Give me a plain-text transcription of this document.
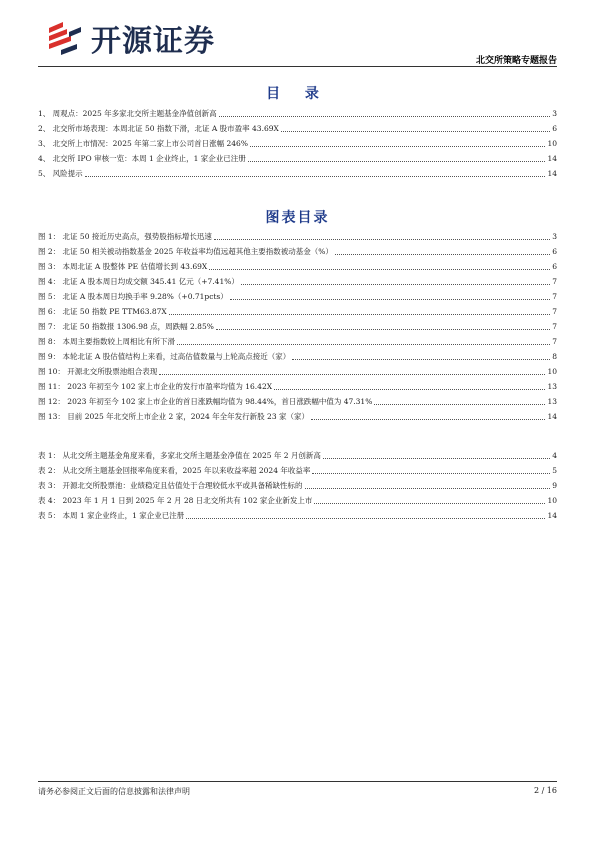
开源证券
北交所策略专题报告
目 录
1、 周观点：2025 年多家北交所主题基金净值创新高	3
2、 北交所市场表现：本周北证 50 指数下滑，北证 A 股市盈率 43.69X	6
3、 北交所上市情况：2025 年第二家上市公司首日涨幅 246%	10
4、 北交所 IPO 审核一览：本周 1 企业终止，1 家企业已注册	14
5、 风险提示	14
图表目录
图 1： 北证 50 接近历史高点，强势股指标增长迅速	3
图 2： 北证 50 相关被动指数基金 2025 年收益率均值远超其他主要指数被动基金（%）	6
图 3： 本周北证 A 股整体 PE 估值增长到 43.69X	6
图 4： 北证 A 股本周日均成交额 345.41 亿元（+7.41%）	7
图 5： 北证 A 股本周日均换手率 9.28%（+0.71pcts）	7
图 6： 北证 50 指数 PE TTM63.87X	7
图 7： 北证 50 指数报 1306.98 点，周跌幅 2.85%	7
图 8： 本周主要指数较上周相比有所下滑	7
图 9： 本轮北证 A 股估值结构上来看，过高估值数量与上轮高点接近（家）	8
图 10： 开源北交所股票池组合表现	10
图 11： 2023 年初至今 102 家上市企业的发行市盈率均值为 16.42X	13
图 12： 2023 年初至今 102 家上市企业的首日涨跌幅均值为 98.44%，首日涨跌幅中值为 47.31%	13
图 13： 目前 2025 年北交所上市企业 2 家，2024 年全年发行新股 23 家（家）	14
表 1： 从北交所主题基金角度来看，多家北交所主题基金净值在 2025 年 2 月创新高	4
表 2： 从北交所主题基金回报率角度来看，2025 年以来收益率超 2024 年收益率	5
表 3： 开源北交所股票池：业绩稳定且估值处于合理较低水平或具备稀缺性标的	9
表 4： 2023 年 1 月 1 日到 2025 年 2 月 28 日北交所共有 102 家企业新发上市	10
表 5： 本周 1 家企业终止，1 家企业已注册	14
请务必参阅正文后面的信息披露和法律声明	2 / 16
